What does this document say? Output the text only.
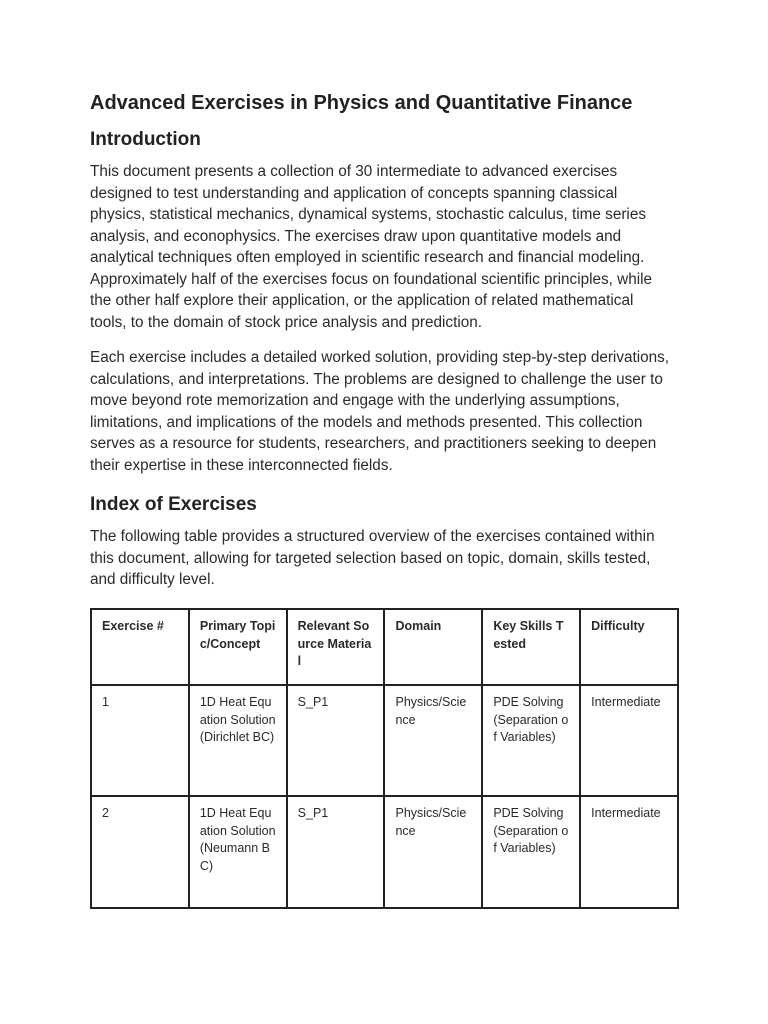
Advanced Exercises in Physics and Quantitative Finance
Introduction
This document presents a collection of 30 intermediate to advanced exercises
designed to test understanding and application of concepts spanning classical
physics, statistical mechanics, dynamical systems, stochastic calculus, time series
analysis, and econophysics. The exercises draw upon quantitative models and
analytical techniques often employed in scientific research and financial modeling.
Approximately half of the exercises focus on foundational scientific principles, while
the other half explore their application, or the application of related mathematical
tools, to the domain of stock price analysis and prediction.
Each exercise includes a detailed worked solution, providing step-by-step derivations,
calculations, and interpretations. The problems are designed to challenge the user to
move beyond rote memorization and engage with the underlying assumptions,
limitations, and implications of the models and methods presented. This collection
serves as a resource for students, researchers, and practitioners seeking to deepen
their expertise in these interconnected fields.
Index of Exercises
The following table provides a structured overview of the exercises contained within
this document, allowing for targeted selection based on topic, domain, skills tested,
and difficulty level.
Exercise #	Primary Topic/Concept	Relevant Source Material	Domain	Key Skills Tested	Difficulty
1	1D Heat Equation Solution (Dirichlet BC)	S_P1	Physics/Science	PDE Solving (Separation of Variables)	Intermediate
2	1D Heat Equation Solution (Neumann BC)	S_P1	Physics/Science	PDE Solving (Separation of Variables)	Intermediate
